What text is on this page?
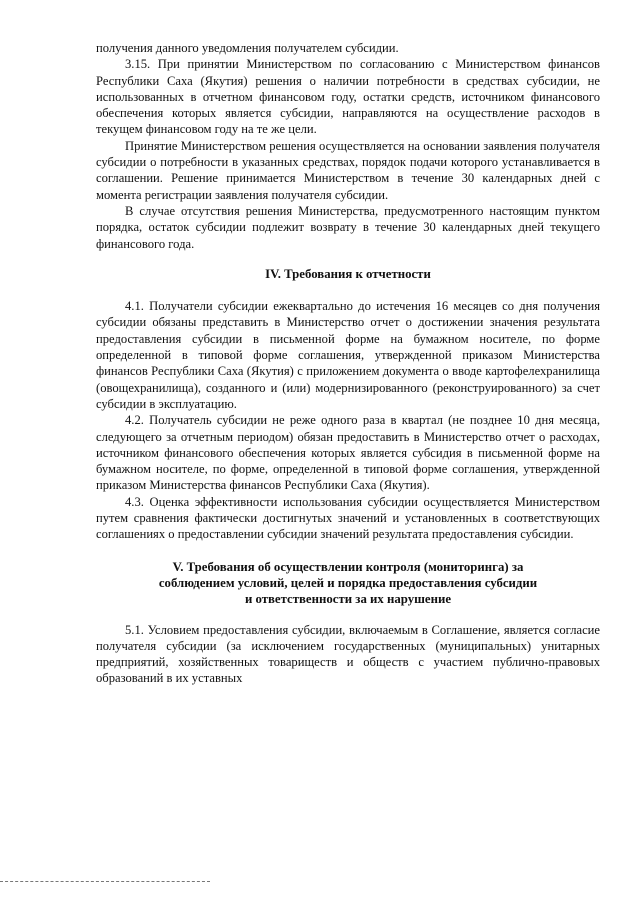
получения данного уведомления получателем субсидии.

3.15. При принятии Министерством по согласованию с Министерством финансов Республики Саха (Якутия) решения о наличии потребности в средствах субсидии, не использованных в отчетном финансовом году, остатки средств, источником финансового обеспечения которых является субсидии, направляются на осуществление расходов в текущем финансовом году на те же цели.

Принятие Министерством решения осуществляется на основании заявления получателя субсидии о потребности в указанных средствах, порядок подачи которого устанавливается в соглашении. Решение принимается Министерством в течение 30 календарных дней с момента регистрации заявления получателя субсидии.

В случае отсутствия решения Министерства, предусмотренного настоящим пунктом порядка, остаток субсидии подлежит возврату в течение 30 календарных дней текущего финансового года.

IV. Требования к отчетности

4.1. Получатели субсидии ежеквартально до истечения 16 месяцев со дня получения субсидии обязаны представить в Министерство отчет о достижении значения результата предоставления субсидии в письменной форме на бумажном носителе, по форме определенной в типовой форме соглашения, утвержденной приказом Министерства финансов Республики Саха (Якутия) с приложением документа о вводе картофелехранилища (овощехранилища), созданного и (или) модернизированного (реконструированного) за счет субсидии в эксплуатацию.

4.2. Получатель субсидии не реже одного раза в квартал (не позднее 10 дня месяца, следующего за отчетным периодом) обязан предоставить в Министерство отчет о расходах, источником финансового обеспечения которых является субсидия в письменной форме на бумажном носителе, по форме, определенной в типовой форме соглашения, утвержденной приказом Министерства финансов Республики Саха (Якутия).

4.3. Оценка эффективности использования субсидии осуществляется Министерством путем сравнения фактически достигнутых значений и установленных в соответствующих соглашениях о предоставлении субсидии значений результата предоставления субсидии.

V. Требования об осуществлении контроля (мониторинга) за
соблюдением условий, целей и порядка предоставления субсидии
и ответственности за их нарушение

5.1. Условием предоставления субсидии, включаемым в Соглашение, является согласие получателя субсидии (за исключением государственных (муниципальных) унитарных предприятий, хозяйственных товариществ и обществ с участием публично-правовых образований в их уставных
